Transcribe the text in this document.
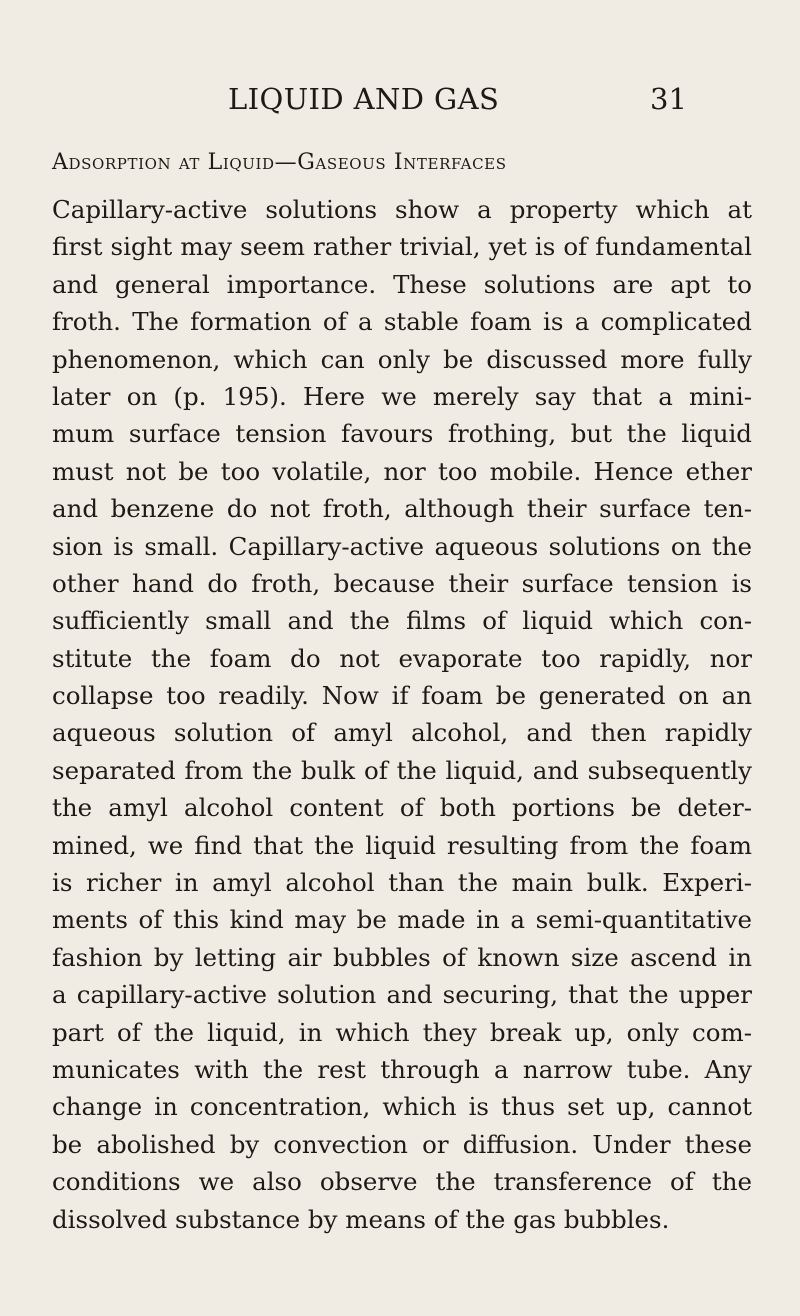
LIQUID AND GAS	31
Adsorption at Liquid—Gaseous Interfaces
Capillary-active solutions show a property which at
first sight may seem rather trivial, yet is of fundamental
and general importance. These solutions are apt to
froth. The formation of a stable foam is a complicated
phenomenon, which can only be discussed more fully
later on (p. 195). Here we merely say that a mini-
mum surface tension favours frothing, but the liquid
must not be too volatile, nor too mobile. Hence ether
and benzene do not froth, although their surface ten-
sion is small. Capillary-active aqueous solutions on the
other hand do froth, because their surface tension is
sufficiently small and the films of liquid which con-
stitute the foam do not evaporate too rapidly, nor
collapse too readily. Now if foam be generated on an
aqueous solution of amyl alcohol, and then rapidly
separated from the bulk of the liquid, and subsequently
the amyl alcohol content of both portions be deter-
mined, we find that the liquid resulting from the foam
is richer in amyl alcohol than the main bulk. Experi-
ments of this kind may be made in a semi-quantitative
fashion by letting air bubbles of known size ascend in
a capillary-active solution and securing, that the upper
part of the liquid, in which they break up, only com-
municates with the rest through a narrow tube. Any
change in concentration, which is thus set up, cannot
be abolished by convection or diffusion. Under these
conditions we also observe the transference of the
dissolved substance by means of the gas bubbles.
